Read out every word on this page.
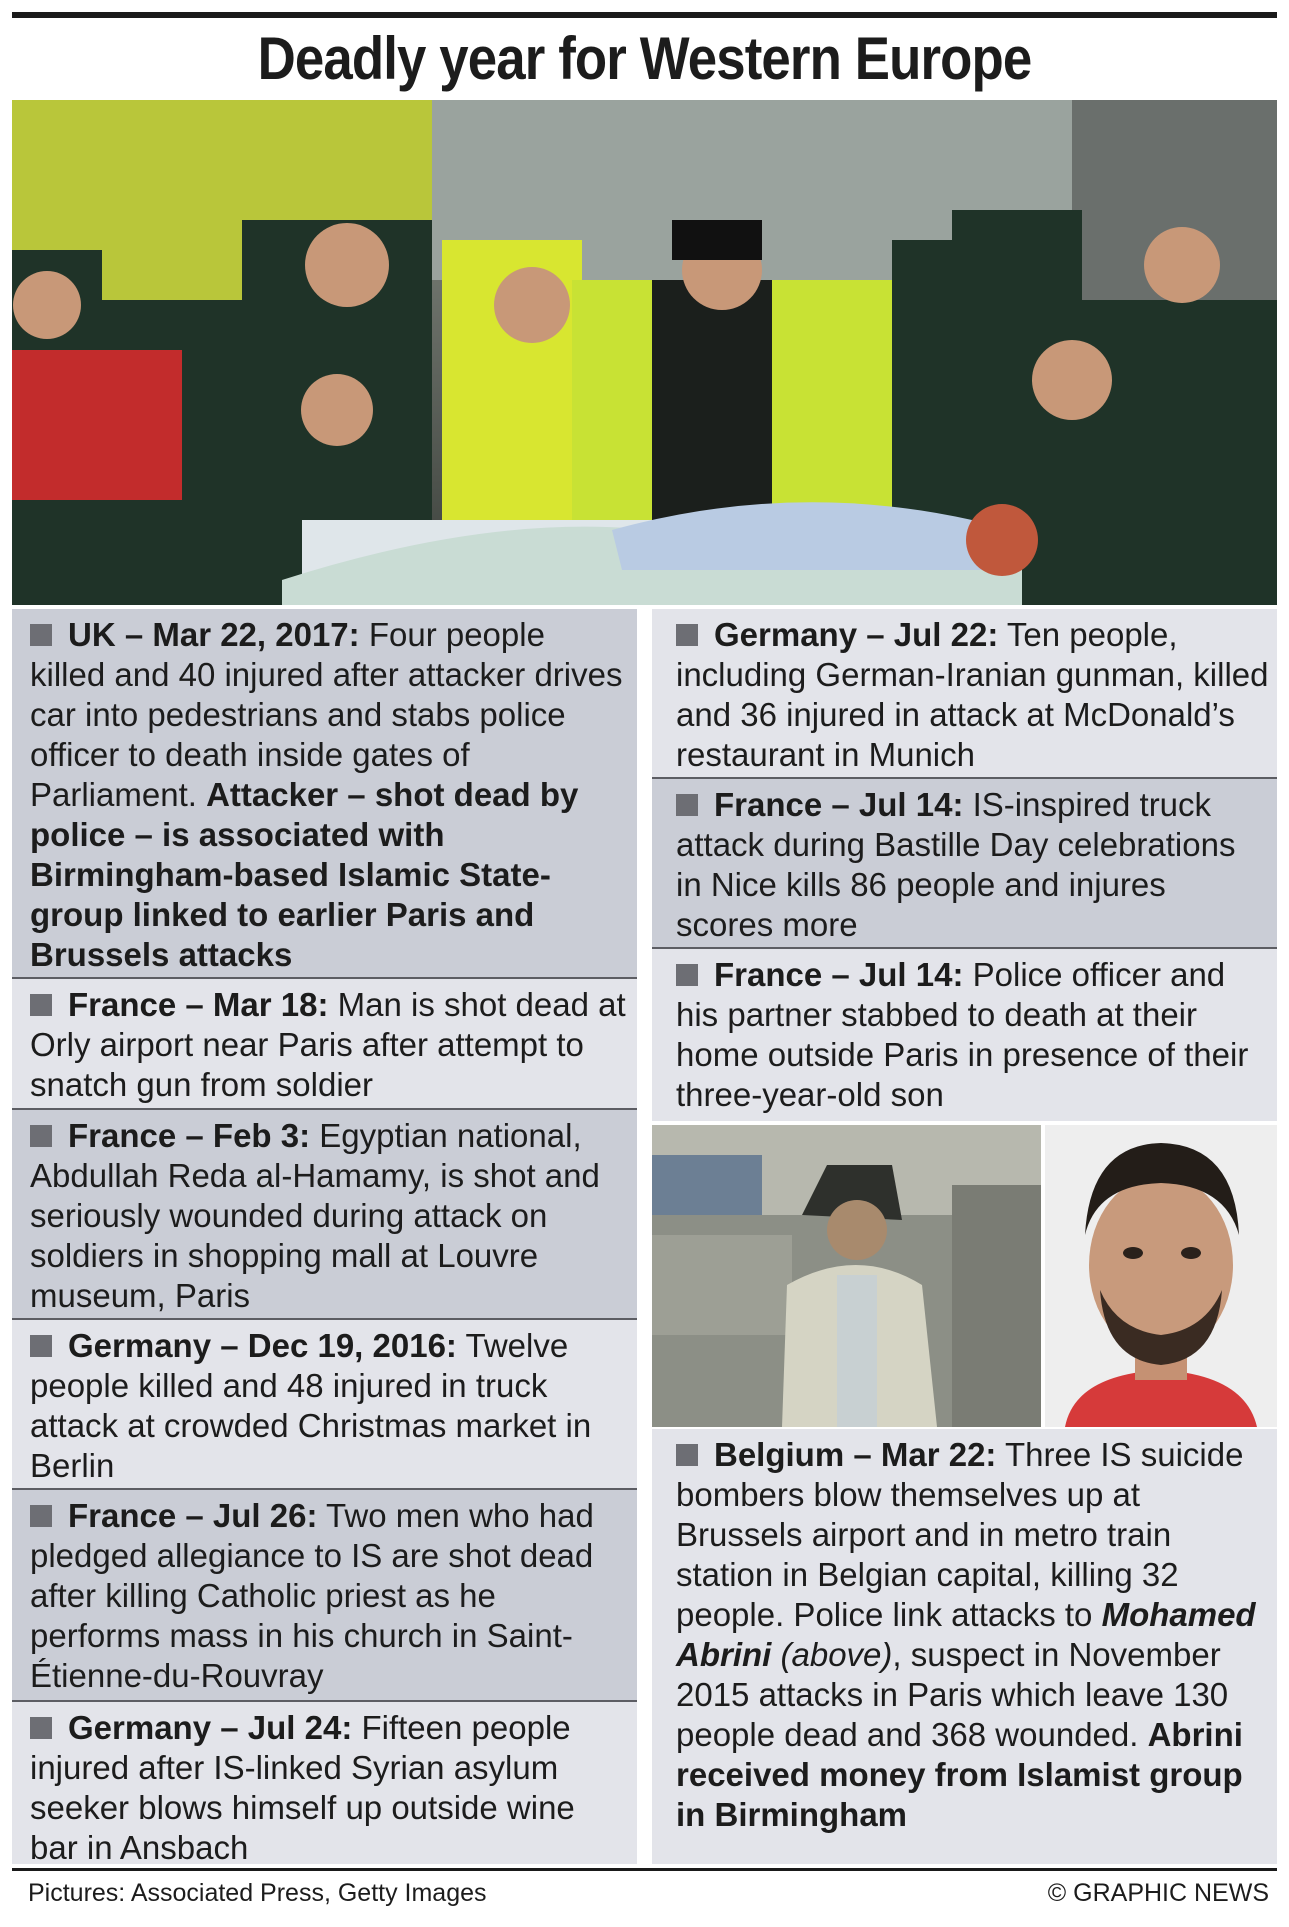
Deadly year for Western Europe
UK – Mar 22, 2017: Four people killed and 40 injured after attacker drives car into pedestrians and stabs police officer to death inside gates of Parliament. Attacker – shot dead by police – is associated with Birmingham-based Islamic State-group linked to earlier Paris and Brussels attacks
France – Mar 18: Man is shot dead at Orly airport near Paris after attempt to snatch gun from soldier
France – Feb 3: Egyptian national, Abdullah Reda al-Hamamy, is shot and seriously wounded during attack on soldiers in shopping mall at Louvre museum, Paris
Germany – Dec 19, 2016: Twelve people killed and 48 injured in truck attack at crowded Christmas market in Berlin
France – Jul 26: Two men who had pledged allegiance to IS are shot dead after killing Catholic priest as he performs mass in his church in Saint-Étienne-du-Rouvray
Germany – Jul 24: Fifteen people injured after IS-linked Syrian asylum seeker blows himself up outside wine bar in Ansbach
Germany – Jul 22: Ten people, including German-Iranian gunman, killed and 36 injured in attack at McDonald’s restaurant in Munich
France – Jul 14: IS-inspired truck attack during Bastille Day celebrations in Nice kills 86 people and injures scores more
France – Jul 14: Police officer and his partner stabbed to death at their home outside Paris in presence of their three-year-old son
Belgium – Mar 22: Three IS suicide bombers blow themselves up at Brussels airport and in metro train station in Belgian capital, killing 32 people. Police link attacks to Mohamed Abrini (above), suspect in November 2015 attacks in Paris which leave 130 people dead and 368 wounded. Abrini received money from Islamist group in Birmingham
Pictures: Associated Press, Getty Images	© GRAPHIC NEWS
